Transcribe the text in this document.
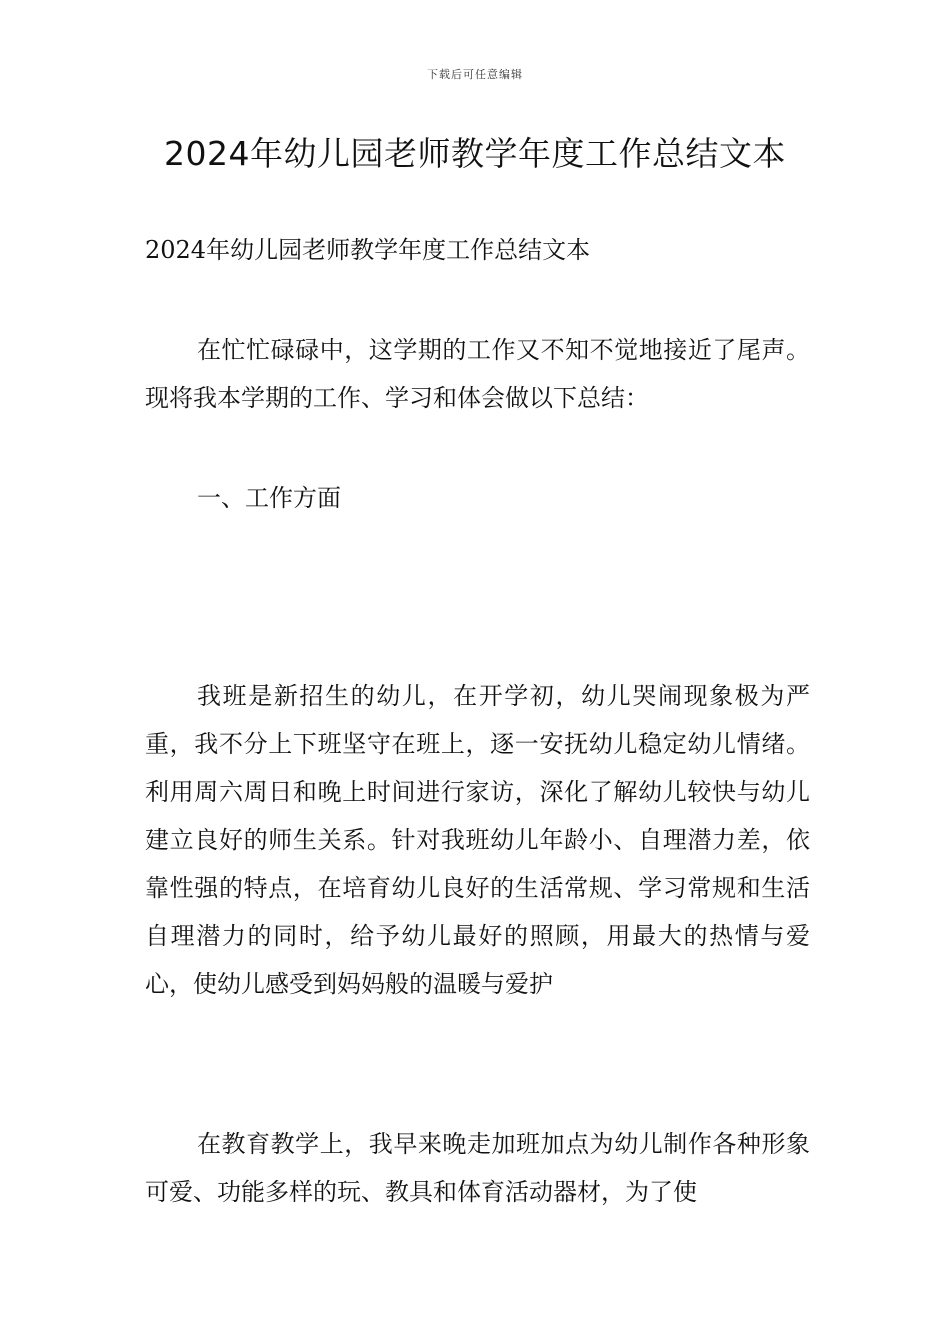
下载后可任意编辑
2024年幼儿园老师教学年度工作总结文本
2024年幼儿园老师教学年度工作总结文本

在忙忙碌碌中，这学期的工作又不知不觉地接近了尾声。现将我本学期的工作、学习和体会做以下总结：

一、工作方面

我班是新招生的幼儿，在开学初，幼儿哭闹现象极为严重，我不分上下班坚守在班上，逐一安抚幼儿稳定幼儿情绪。利用周六周日和晚上时间进行家访，深化了解幼儿较快与幼儿建立良好的师生关系。针对我班幼儿年龄小、自理潜力差，依靠性强的特点，在培育幼儿良好的生活常规、学习常规和生活自理潜力的同时，给予幼儿最好的照顾，用最大的热情与爱心，使幼儿感受到妈妈般的温暖与爱护

在教育教学上，我早来晚走加班加点为幼儿制作各种形象可爱、功能多样的玩、教具和体育活动器材，为了使
